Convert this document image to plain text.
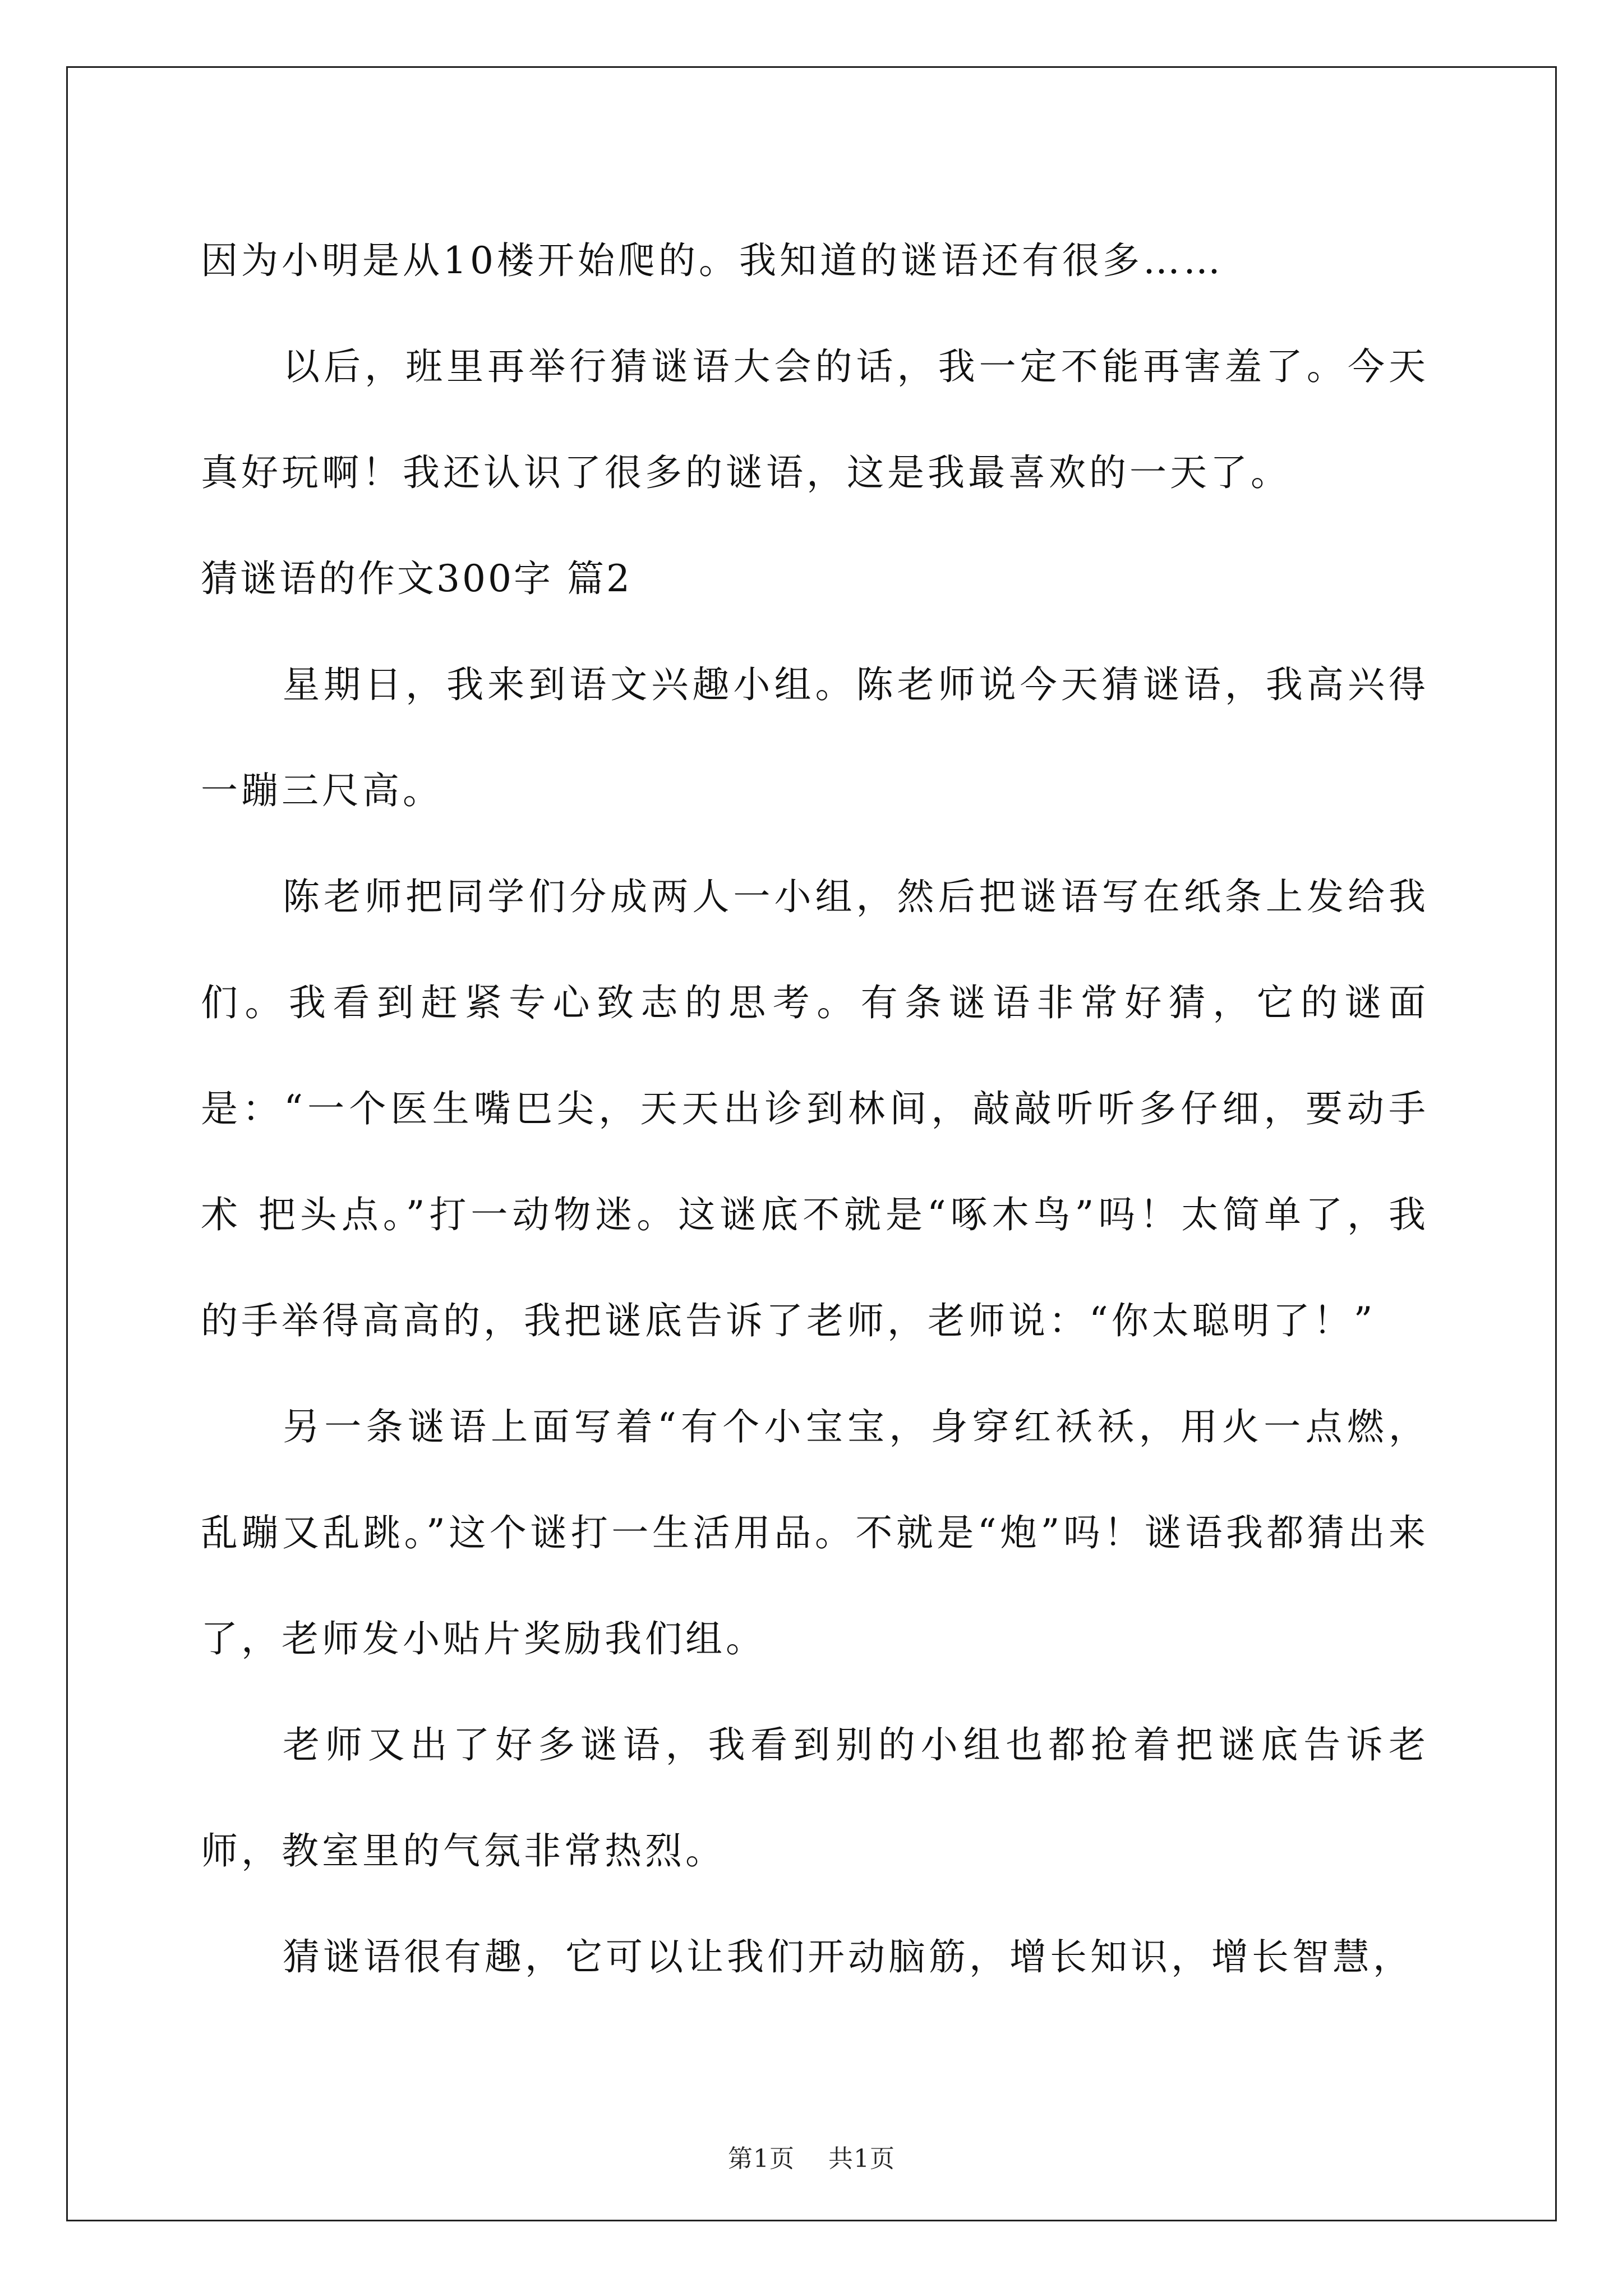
因为小明是从10楼开始爬的。我知道的谜语还有很多……

以后，班里再举行猜谜语大会的话，我一定不能再害羞了。今天真好玩啊！我还认识了很多的谜语，这是我最喜欢的一天了。

猜谜语的作文300字 篇2

星期日，我来到语文兴趣小组。陈老师说今天猜谜语，我高兴得一蹦三尺高。

陈老师把同学们分成两人一小组，然后把谜语写在纸条上发给我们。我看到赶紧专心致志的思考。有条谜语非常好猜，它的谜面是：“一个医生嘴巴尖，天天出诊到林间，敲敲听听多仔细，要动手术 把头点。”打一动物迷。这谜底不就是“啄木鸟”吗！太简单了，我的手举得高高的，我把谜底告诉了老师，老师说：“你太聪明了！”

另一条谜语上面写着“有个小宝宝，身穿红袄袄，用火一点燃，乱蹦又乱跳。”这个谜打一生活用品。不就是“炮”吗！谜语我都猜出来了，老师发小贴片奖励我们组。

老师又出了好多谜语，我看到别的小组也都抢着把谜底告诉老师，教室里的气氛非常热烈。

猜谜语很有趣，它可以让我们开动脑筋，增长知识，增长智慧，

第1页 共1页
